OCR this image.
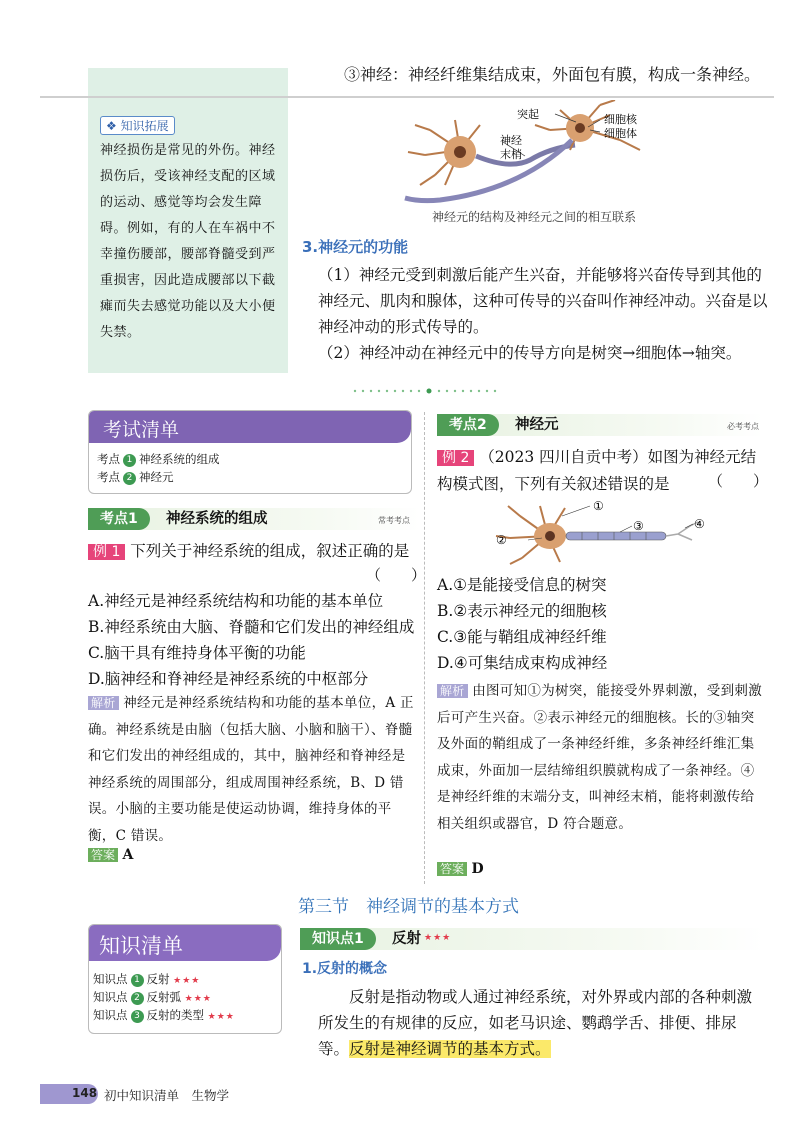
③神经：神经纤维集结成束，外面包有膜，构成一条神经。
❖ 知识拓展
神经损伤是常见的外伤。神经损伤后，受该神经支配的区域的运动、感觉等均会发生障碍。例如，有的人在车祸中不幸撞伤腰部，腰部脊髓受到严重损害，因此造成腰部以下截瘫而失去感觉功能以及大小便失禁。
突起	细胞核
细胞体
神经
末梢
神经元的结构及神经元之间的相互联系
3.神经元的功能
（1）神经元受到刺激后能产生兴奋，并能够将兴奋传导到其他的神经元、肌肉和腺体，这种可传导的兴奋叫作神经冲动。兴奋是以神经冲动的形式传导的。
（2）神经冲动在神经元中的传导方向是树突→细胞体→轴突。
考试清单
考点 1 神经系统的组成
考点 2 神经元
考点1	神经系统的组成	常考考点
例 1 下列关于神经系统的组成，叙述正确的是
（　　）
A.神经元是神经系统结构和功能的基本单位
B.神经系统由大脑、脊髓和它们发出的神经组成
C.脑干具有维持身体平衡的功能
D.脑神经和脊神经是神经系统的中枢部分
解析 神经元是神经系统结构和功能的基本单位，A 正确。神经系统是由脑（包括大脑、小脑和脑干）、脊髓和它们发出的神经组成的，其中，脑神经和脊神经是神经系统的周围部分，组成周围神经系统，B、D 错误。小脑的主要功能是使运动协调，维持身体的平衡，C 错误。
答案 A
考点2	神经元	必考考点
例 2 （2023 四川自贡中考）如图为神经元结构模式图，下列有关叙述错误的是	（　　）
①
②
③	④
A.①是能接受信息的树突
B.②表示神经元的细胞核
C.③能与鞘组成神经纤维
D.④可集结成束构成神经
解析 由图可知①为树突，能接受外界刺激，受到刺激后可产生兴奋。②表示神经元的细胞核。长的③轴突及外面的鞘组成了一条神经纤维，多条神经纤维汇集成束，外面加一层结缔组织膜就构成了一条神经。④是神经纤维的末端分支，叫神经末梢，能将刺激传给相关组织或器官，D 符合题意。
答案 D
第三节　神经调节的基本方式
知识清单
知识点 1 反射 ★★★
知识点 2 反射弧 ★★★
知识点 3 反射的类型 ★★★
知识点1	反射 ★★★
1.反射的概念
反射是指动物或人通过神经系统，对外界或内部的各种刺激所发生的有规律的反应，如老马识途、鹦鹉学舌、排便、排尿等。反射是神经调节的基本方式。
148 初中知识清单　生物学
